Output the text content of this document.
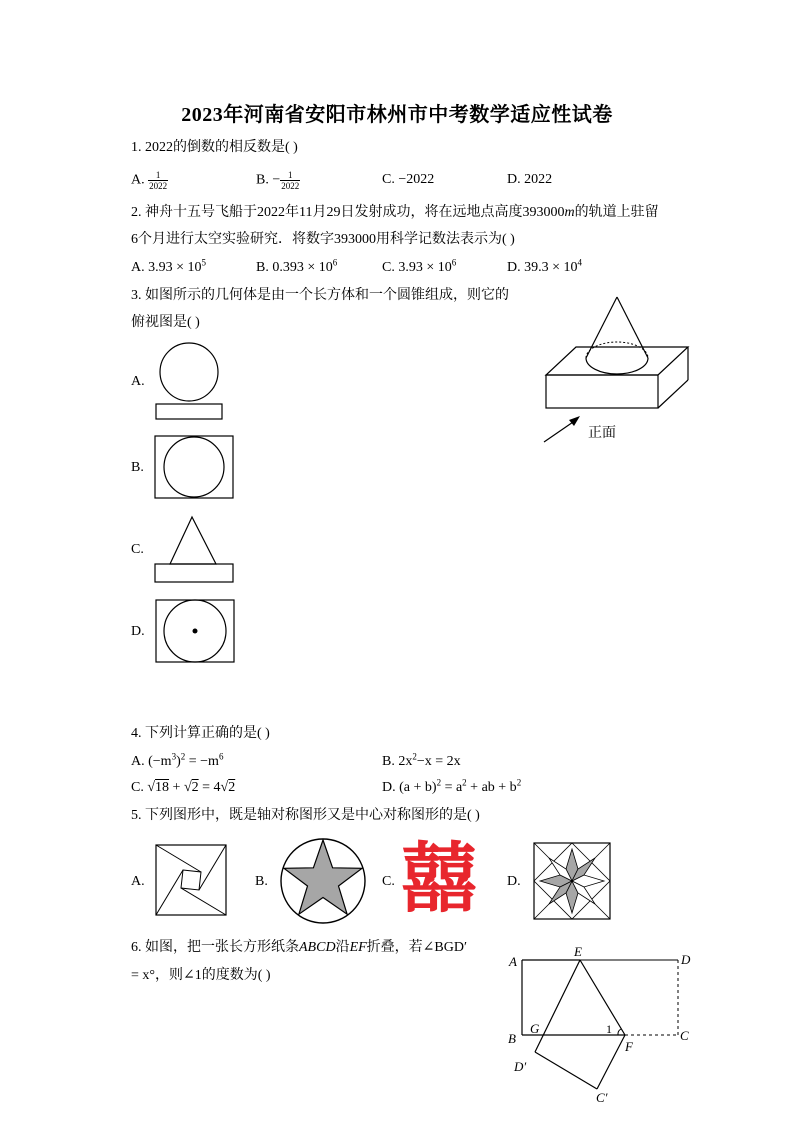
2023年河南省安阳市林州市中考数学适应性试卷
1. 2022的倒数的相反数是( )
A. $\frac{1}{2022}$	B. − $\frac{1}{2022}$	C. −2022	D. 2022
2. 神舟十五号飞船于2022年11月29日发射成功，将在远地点高度393000m的轨道上驻留
6个月进行太空实验研究．将数字393000用科学记数法表示为( )
A. $3.93 \times 10^5$	B. $0.393 \times 10^6$	C. $3.93 \times 10^6$	D. $39.3 \times 10^4$
3. 如图所示的几何体是由一个长方体和一个圆锥组成，则它的
俯视图是( )
A.
B.
C.
D.
正面
4. 下列计算正确的是( )
A. $(-m^3)^2 = -m^6$	B. $2x^2-x = 2x$
C. √18 + √2 = 4√2	D. $(a + b)^2 = a^2$ + ab + $b^2$
5. 下列图形中，既是轴对称图形又是中心对称图形的是( )
A.	B.	C. 囍 D.
6. 如图，把一张长方形纸条ABCD沿EF折叠，若∠BGD′
= x°，则∠1的度数为( )
A
E
D
B
G	1	C
F
D′
C′
